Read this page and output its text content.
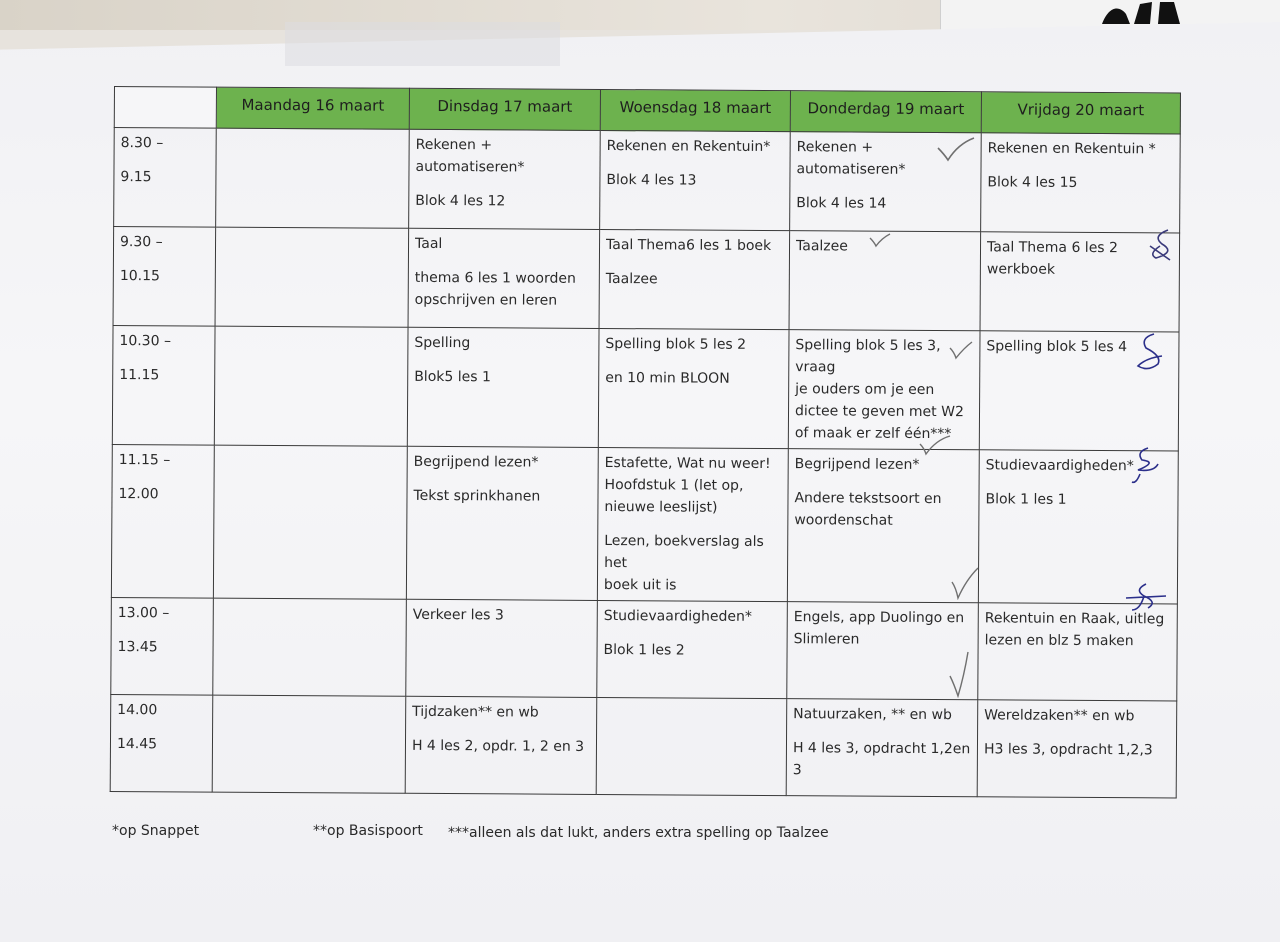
	Maandag 16 maart	Dinsdag 17 maart	Woensdag 18 maart	Donderdag 19 maart	Vrijdag 20 maart

8.30 –
9.15		Rekenen +
automatiseren*
Blok 4 les 12	Rekenen en Rekentuin*
Blok 4 les 13	Rekenen +
automatiseren*
Blok 4 les 14	Rekenen en Rekentuin *
Blok 4 les 15

9.30 –
10.15		Taal
thema 6 les 1 woorden
opschrijven en leren	Taal Thema6 les 1 boek
Taalzee	Taalzee	Taal Thema 6 les 2
werkboek

10.30 –
11.15		Spelling
Blok5 les 1	Spelling blok 5 les 2
en 10 min BLOON	Spelling blok 5 les 3, vraag
je ouders om je een
dictee te geven met W2
of maak er zelf één***	Spelling blok 5 les 4

11.15 –
12.00		Begrijpend lezen*
Tekst sprinkhanen	Estafette, Wat nu weer!
Hoofdstuk 1 (let op,
nieuwe leeslijst)
Lezen, boekverslag als het
boek uit is	Begrijpend lezen*
Andere tekstsoort en
woordenschat	Studievaardigheden*
Blok 1 les 1

13.00 –
13.45		Verkeer les 3	Studievaardigheden*
Blok 1 les 2	Engels, app Duolingo en
Slimleren	Rekentuin en Raak, uitleg
lezen en blz 5 maken

14.00
14.45		Tijdzaken** en wb
H 4 les 2, opdr. 1, 2 en 3		Natuurzaken, ** en wb
H 4 les 3, opdracht 1,2en
3	Wereldzaken** en wb
H3 les 3, opdracht 1,2,3
*op Snappet	**op Basispoort ***alleen als dat lukt, anders extra spelling op Taalzee
